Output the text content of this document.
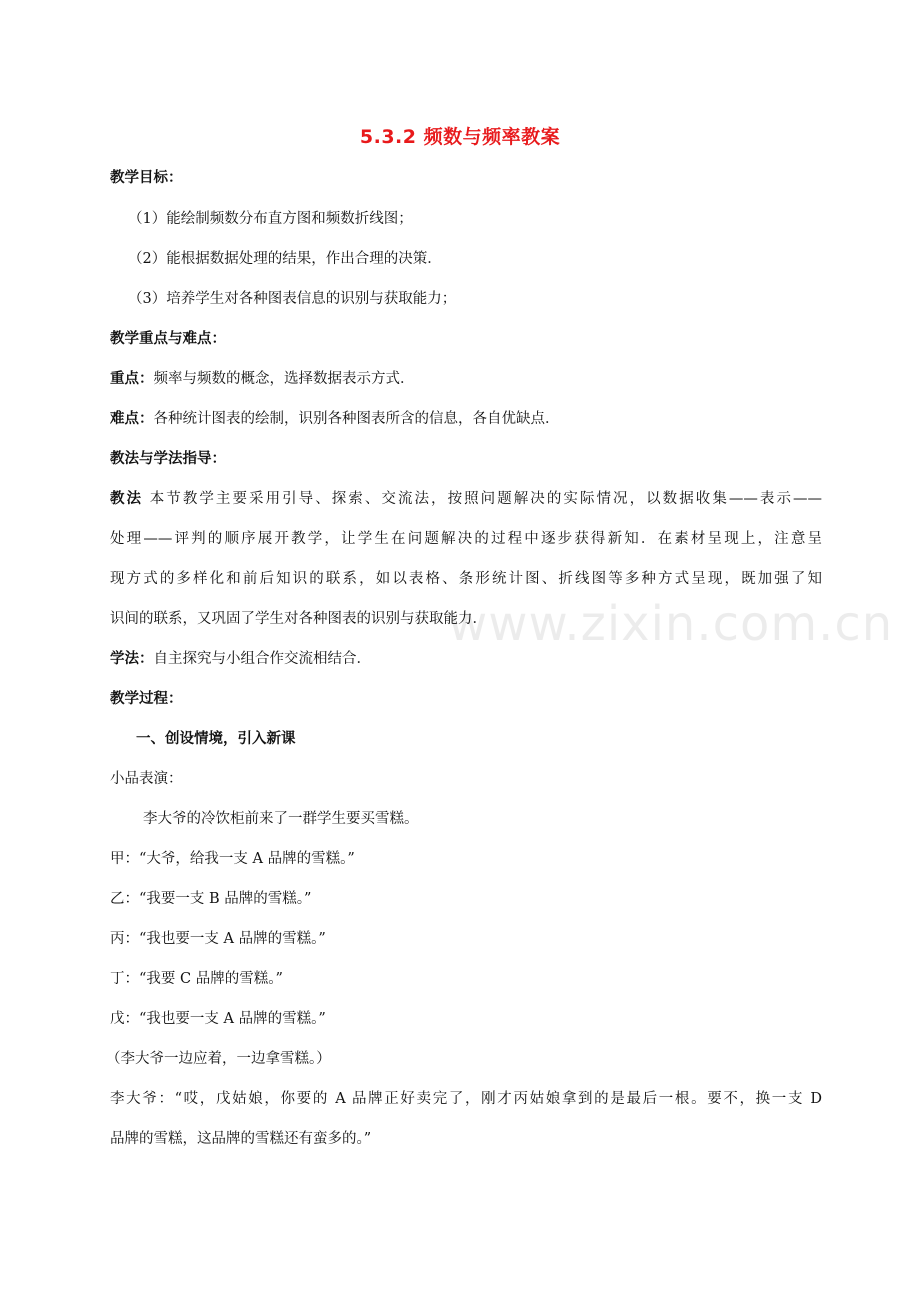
5.3.2 频数与频率教案
教学目标：
（1）能绘制频数分布直方图和频数折线图；
（2）能根据数据处理的结果，作出合理的决策．
（3）培养学生对各种图表信息的识别与获取能力；
教学重点与难点：
重点：频率与频数的概念，选择数据表示方式．
难点：各种统计图表的绘制，识别各种图表所含的信息，各自优缺点．
教法与学法指导：
教法 本节教学主要采用引导、探索、交流法，按照问题解决的实际情况，以数据收集——表示——
处理——评判的顺序展开教学，让学生在问题解决的过程中逐步获得新知．在素材呈现上，注意呈
现方式的多样化和前后知识的联系，如以表格、条形统计图、折线图等多种方式呈现，既加强了知
识间的联系，又巩固了学生对各种图表的识别与获取能力．
学法：自主探究与小组合作交流相结合．
教学过程：
一、创设情境，引入新课
小品表演：
李大爷的冷饮柜前来了一群学生要买雪糕。
甲：“大爷，给我一支 A 品牌的雪糕。”
乙：“我要一支 B 品牌的雪糕。”
丙：“我也要一支 A 品牌的雪糕。”
丁：“我要 C 品牌的雪糕。”
戊：“我也要一支 A 品牌的雪糕。”
（李大爷一边应着，一边拿雪糕。）
李大爷：“哎，戊姑娘，你要的 A 品牌正好卖完了，刚才丙姑娘拿到的是最后一根。要不，换一支 D
品牌的雪糕，这品牌的雪糕还有蛮多的。”
www.zixin.com.cn
